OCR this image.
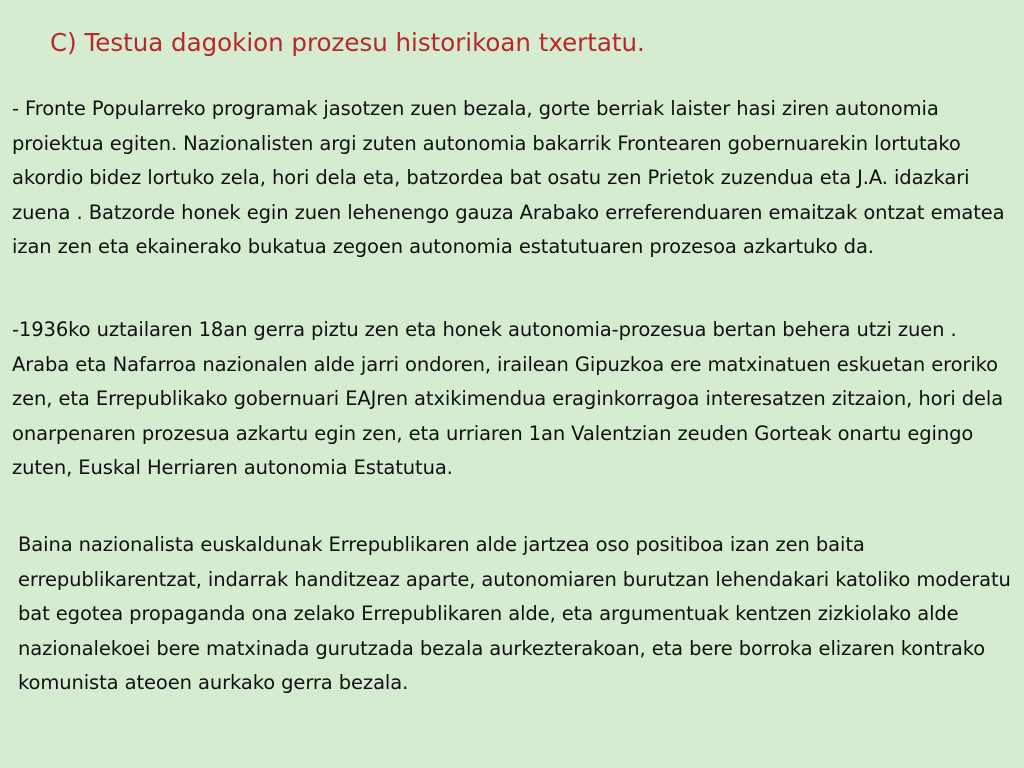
C) Testua dagokion prozesu historikoan txertatu.

- Fronte Popularreko programak jasotzen zuen bezala, gorte berriak laister hasi ziren autonomia proiektua egiten. Nazionalisten argi zuten autonomia bakarrik Frontearen gobernuarekin lortutako akordio bidez lortuko zela, hori dela eta, batzordea bat osatu zen Prietok zuzendua eta J.A. idazkari zuena . Batzorde honek egin zuen lehenengo gauza Arabako erreferenduaren emaitzak ontzat ematea izan zen eta ekainerako bukatua zegoen autonomia estatutuaren prozesoa azkartuko da.

-1936ko uztailaren 18an gerra piztu zen eta honek autonomia-prozesua bertan behera utzi zuen . Araba eta Nafarroa nazionalen alde jarri ondoren, irailean Gipuzkoa ere matxinatuen eskuetan eroriko zen, eta Errepublikako gobernuari EAJren atxikimendua eraginkorragoa interesatzen zitzaion, hori dela onarpenaren prozesua azkartu egin zen, eta urriaren 1an Valentzian zeuden Gorteak onartu egingo zuten, Euskal Herriaren autonomia Estatutua.

Baina nazionalista euskaldunak Errepublikaren alde jartzea oso positiboa izan zen baita errepublikarentzat, indarrak handitzeaz aparte, autonomiaren burutzan lehendakari katoliko moderatu bat egotea propaganda ona zelako Errepublikaren alde, eta argumentuak kentzen zizkiolako alde nazionalekoei bere matxinada gurutzada bezala aurkezterakoan, eta bere borroka elizaren kontrako komunista ateoen aurkako gerra bezala.
